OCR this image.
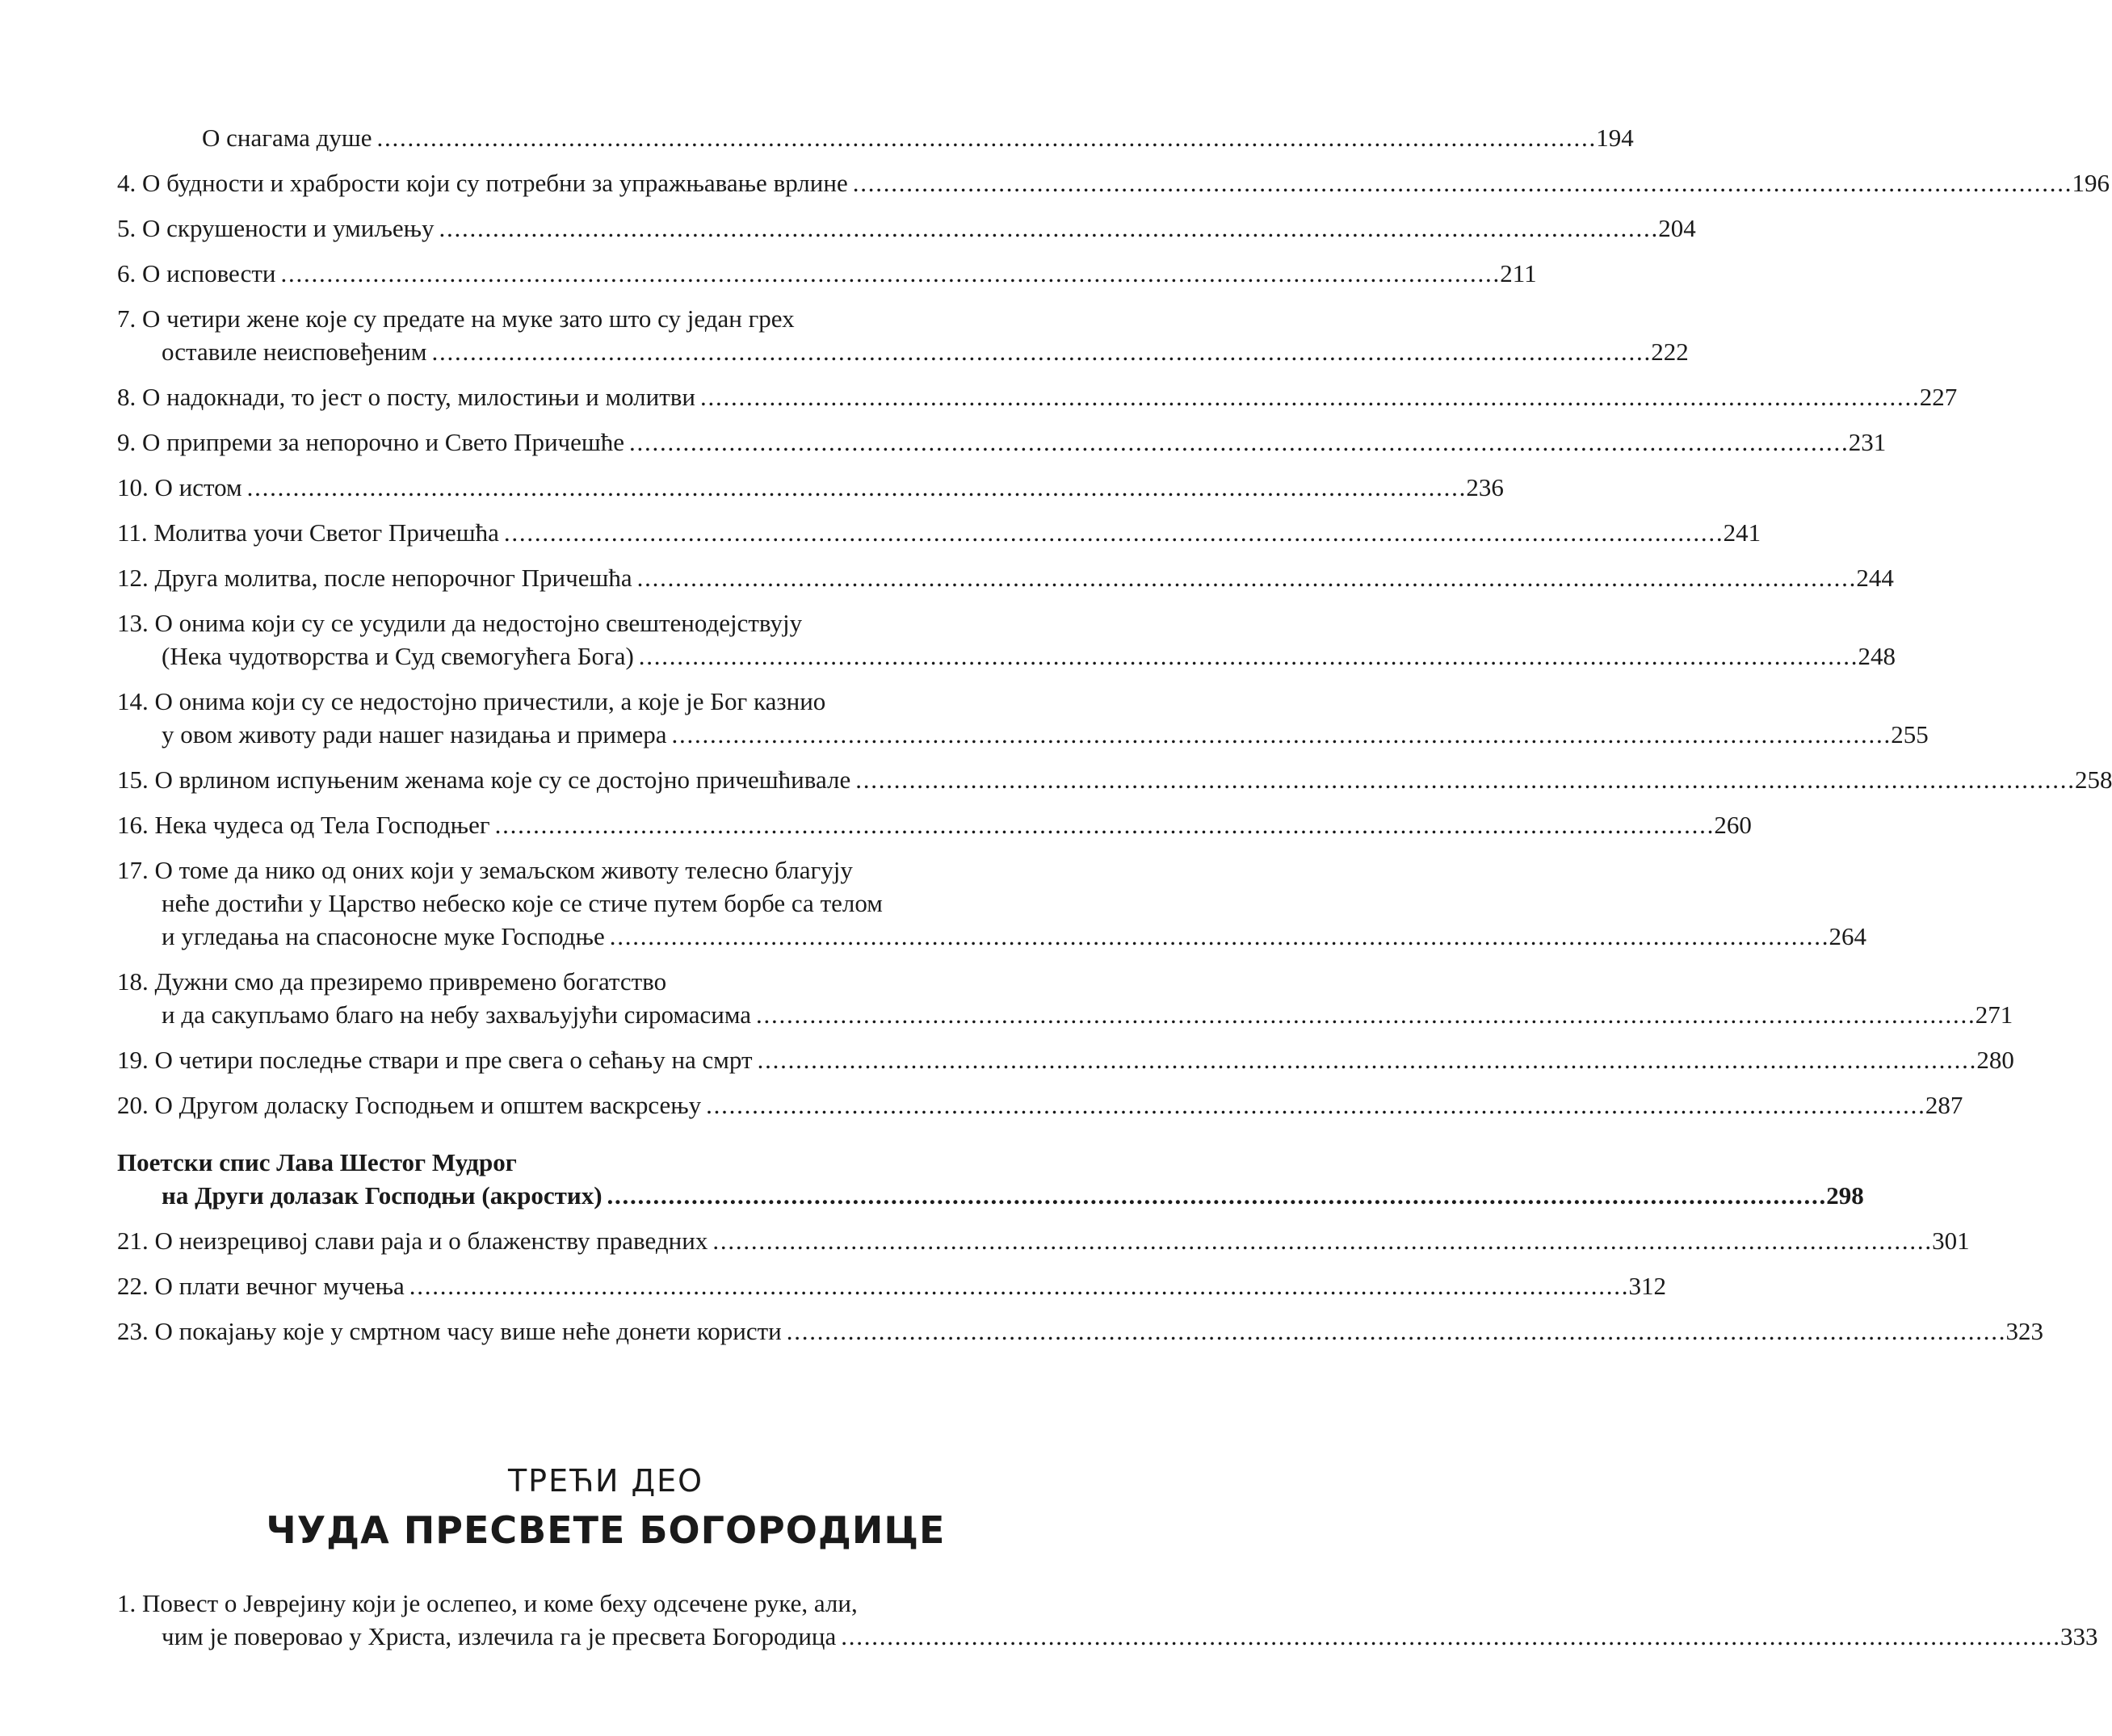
О снагама душе . . .	194
4. О будности и храбрости који су потребни за упражњавање врлине . . .	196
5. О скрушености и умиљењу . . .	204
6. О исповести . . .	211
7. О четири жене које су предате на муке зато што су један грех
оставиле неисповеђеним . . .	222
8. О надокнади, то јест о посту, милостињи и молитви . . .	227
9. О припреми за непорочно и Свето Причешће . . .	231
10. О истом . . .	236
11. Молитва уочи Светог Причешћа . . .	241
12. Друга молитва, после непорочног Причешћа . . .	244
13. О онима који су се усудили да недостојно свештенодејствују
(Нека чудотворства и Суд свемогућега Бога) . . .	248
14. О онима који су се недостојно причестили, а које је Бог казнио
у овом животу ради нашег назидања и примера . . .	255
15. О врлином испуњеним женама које су се достојно причешћивале . . .	258
16. Нека чудеса од Тела Господњег . . .	260
17. О томе да нико од оних који у земаљском животу телесно благују
неће достићи у Царство небеско које се стиче путем борбе са телом
и угледања на спасоносне муке Господње . . .	264
18. Дужни смо да презиремо привремено богатство
и да сакупљамо благо на небу захваљујући сиромасима . . .	271
19. О четири последње ствари и пре свега о сећању на смрт . . .	280
20. О Другом доласку Господњем и општем васкрсењу . . .	287
Поетски спис Лава Шестог Мудрог
на Други долазак Господњи (акростих) . . .	298
21. О неизрецивој слави раја и о блаженству праведних . . .	301
22. О плати вечног мучења . . .	312
23. О покајању које у смртном часу више неће донети користи . . .	323
ТРЕЋИ ДЕО
ЧУДА ПРЕСВЕТЕ БОГОРОДИЦЕ
1. Повест о Јеврејину који је ослепео, и коме беху одсечене руке, али,
чим је поверовао у Христа, излечила га је пресвета Богородица . . .	333
